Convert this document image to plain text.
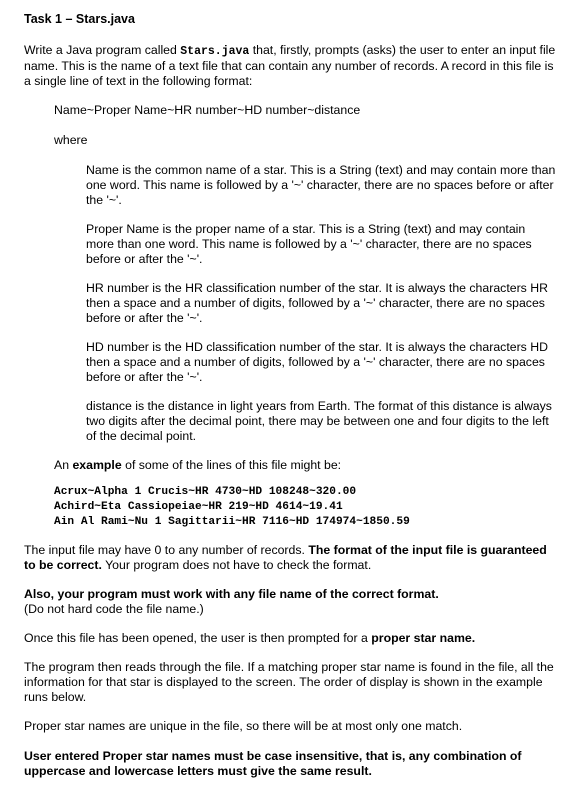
Task 1 – Stars.java

Write a Java program called Stars.java that, firstly, prompts (asks) the user to enter an input file name. This is the name of a text file that can contain any number of records. A record in this file is a single line of text in the following format:

Name~Proper Name~HR number~HD number~distance

where

Name is the common name of a star. This is a String (text) and may contain more than one word. This name is followed by a '~' character, there are no spaces before or after the '~'.

Proper Name is the proper name of a star. This is a String (text) and may contain more than one word. This name is followed by a '~' character, there are no spaces before or after the '~'.

HR number is the HR classification number of the star. It is always the characters HR then a space and a number of digits, followed by a '~' character, there are no spaces before or after the '~'.

HD number is the HD classification number of the star. It is always the characters HD then a space and a number of digits, followed by a '~' character, there are no spaces before or after the '~'.

distance is the distance in light years from Earth. The format of this distance is always two digits after the decimal point, there may be between one and four digits to the left of the decimal point.

An example of some of the lines of this file might be:

Acrux~Alpha 1 Crucis~HR 4730~HD 108248~320.00
Achird~Eta Cassiopeiae~HR 219~HD 4614~19.41
Ain Al Rami~Nu 1 Sagittarii~HR 7116~HD 174974~1850.59

The input file may have 0 to any number of records. The format of the input file is guaranteed to be correct. Your program does not have to check the format.

Also, your program must work with any file name of the correct format.
(Do not hard code the file name.)

Once this file has been opened, the user is then prompted for a proper star name.

The program then reads through the file. If a matching proper star name is found in the file, all the information for that star is displayed to the screen. The order of display is shown in the example runs below.

Proper star names are unique in the file, so there will be at most only one match.

User entered Proper star names must be case insensitive, that is, any combination of uppercase and lowercase letters must give the same result.
